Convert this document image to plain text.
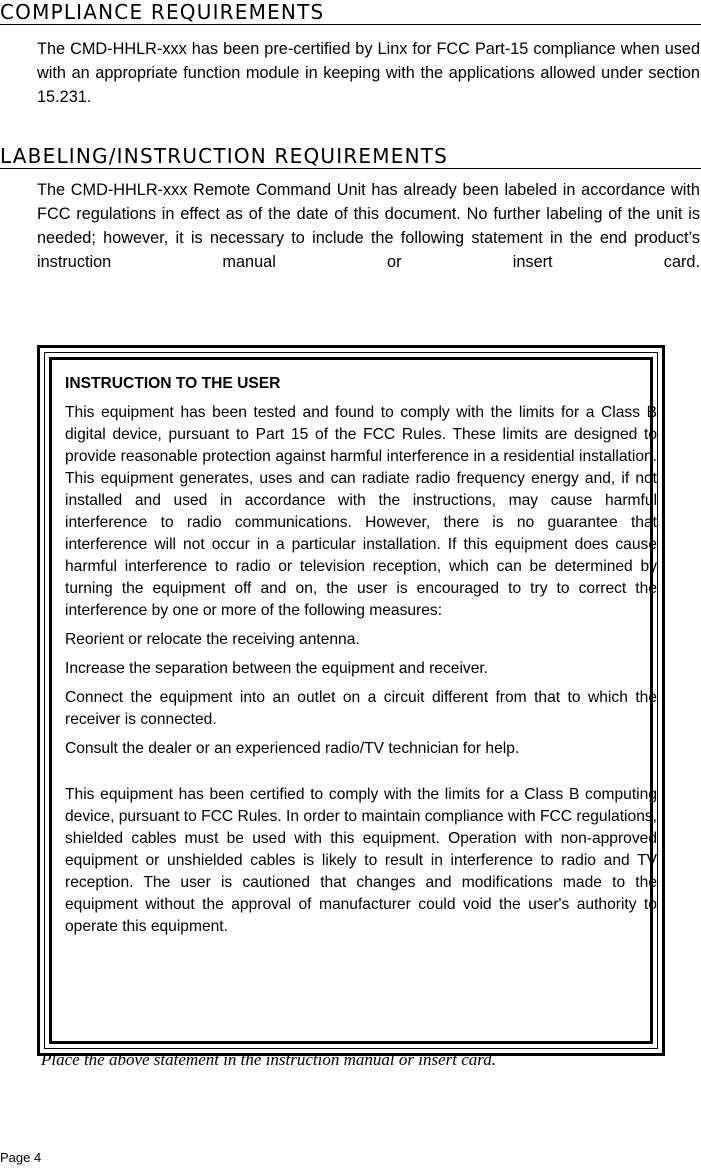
COMPLIANCE REQUIREMENTS

The CMD-HHLR-xxx has been pre-certified by Linx for FCC Part-15 compliance when used with an appropriate function module in keeping with the applications allowed under section 15.231.

LABELING/INSTRUCTION REQUIREMENTS

The CMD-HHLR-xxx Remote Command Unit has already been labeled in accordance with FCC regulations in effect as of the date of this document. No further labeling of the unit is needed; however, it is necessary to include the following statement in the end product’s instruction manual or insert card.

INSTRUCTION TO THE USER

This equipment has been tested and found to comply with the limits for a Class B digital device, pursuant to Part 15 of the FCC Rules. These limits are designed to provide reasonable protection against harmful interference in a residential installation. This equipment generates, uses and can radiate radio frequency energy and, if not installed and used in accordance with the instructions, may cause harmful interference to radio communications. However, there is no guarantee that interference will not occur in a particular installation. If this equipment does cause harmful interference to radio or television reception, which can be determined by turning the equipment off and on, the user is encouraged to try to correct the interference by one or more of the following measures:

Reorient or relocate the receiving antenna.

Increase the separation between the equipment and receiver.

Connect the equipment into an outlet on a circuit different from that to which the receiver is connected.

Consult the dealer or an experienced radio/TV technician for help.

This equipment has been certified to comply with the limits for a Class B computing device, pursuant to FCC Rules. In order to maintain compliance with FCC regulations, shielded cables must be used with this equipment. Operation with non-approved equipment or unshielded cables is likely to result in interference to radio and TV reception. The user is cautioned that changes and modifications made to the equipment without the approval of manufacturer could void the user's authority to operate this equipment.

Place the above statement in the instruction manual or insert card.

Page 4
